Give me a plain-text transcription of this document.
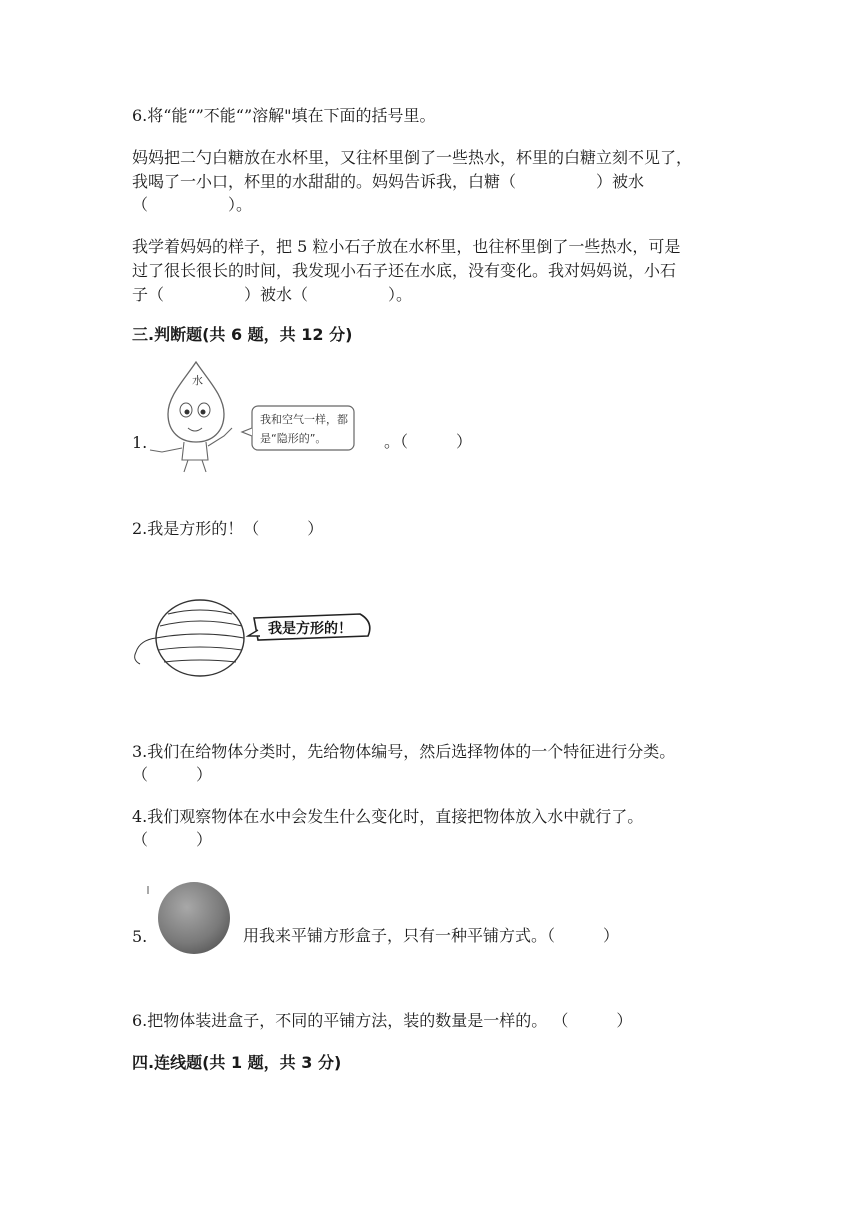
6.将“能“”不能“”溶解"填在下面的括号里。
妈妈把二勺白糖放在水杯里，又往杯里倒了一些热水，杯里的白糖立刻不见了，
我喝了一小口，杯里的水甜甜的。妈妈告诉我，白糖（　　　　　）被水
（　　　　　）。
我学着妈妈的样子，把 5 粒小石子放在水杯里，也往杯里倒了一些热水，可是
过了很长很长的时间，我发现小石子还在水底，没有变化。我对妈妈说，小石
子（　　　　　）被水（　　　　　）。
三.判断题(共 6 题，共 12 分)
1.
水
我和空气一样，都
是“隐形的”。	。（　　　）
2.我是方形的！（　　　）
我是方形的！
3.我们在给物体分类时，先给物体编号，然后选择物体的一个特征进行分类。
（　　　）
4.我们观察物体在水中会发生什么变化时，直接把物体放入水中就行了。
（　　　）
5.	用我来平铺方形盒子，只有一种平铺方式。（　　　）
6.把物体装进盒子，不同的平铺方法，装的数量是一样的。 （　　　）
四.连线题(共 1 题，共 3 分)
